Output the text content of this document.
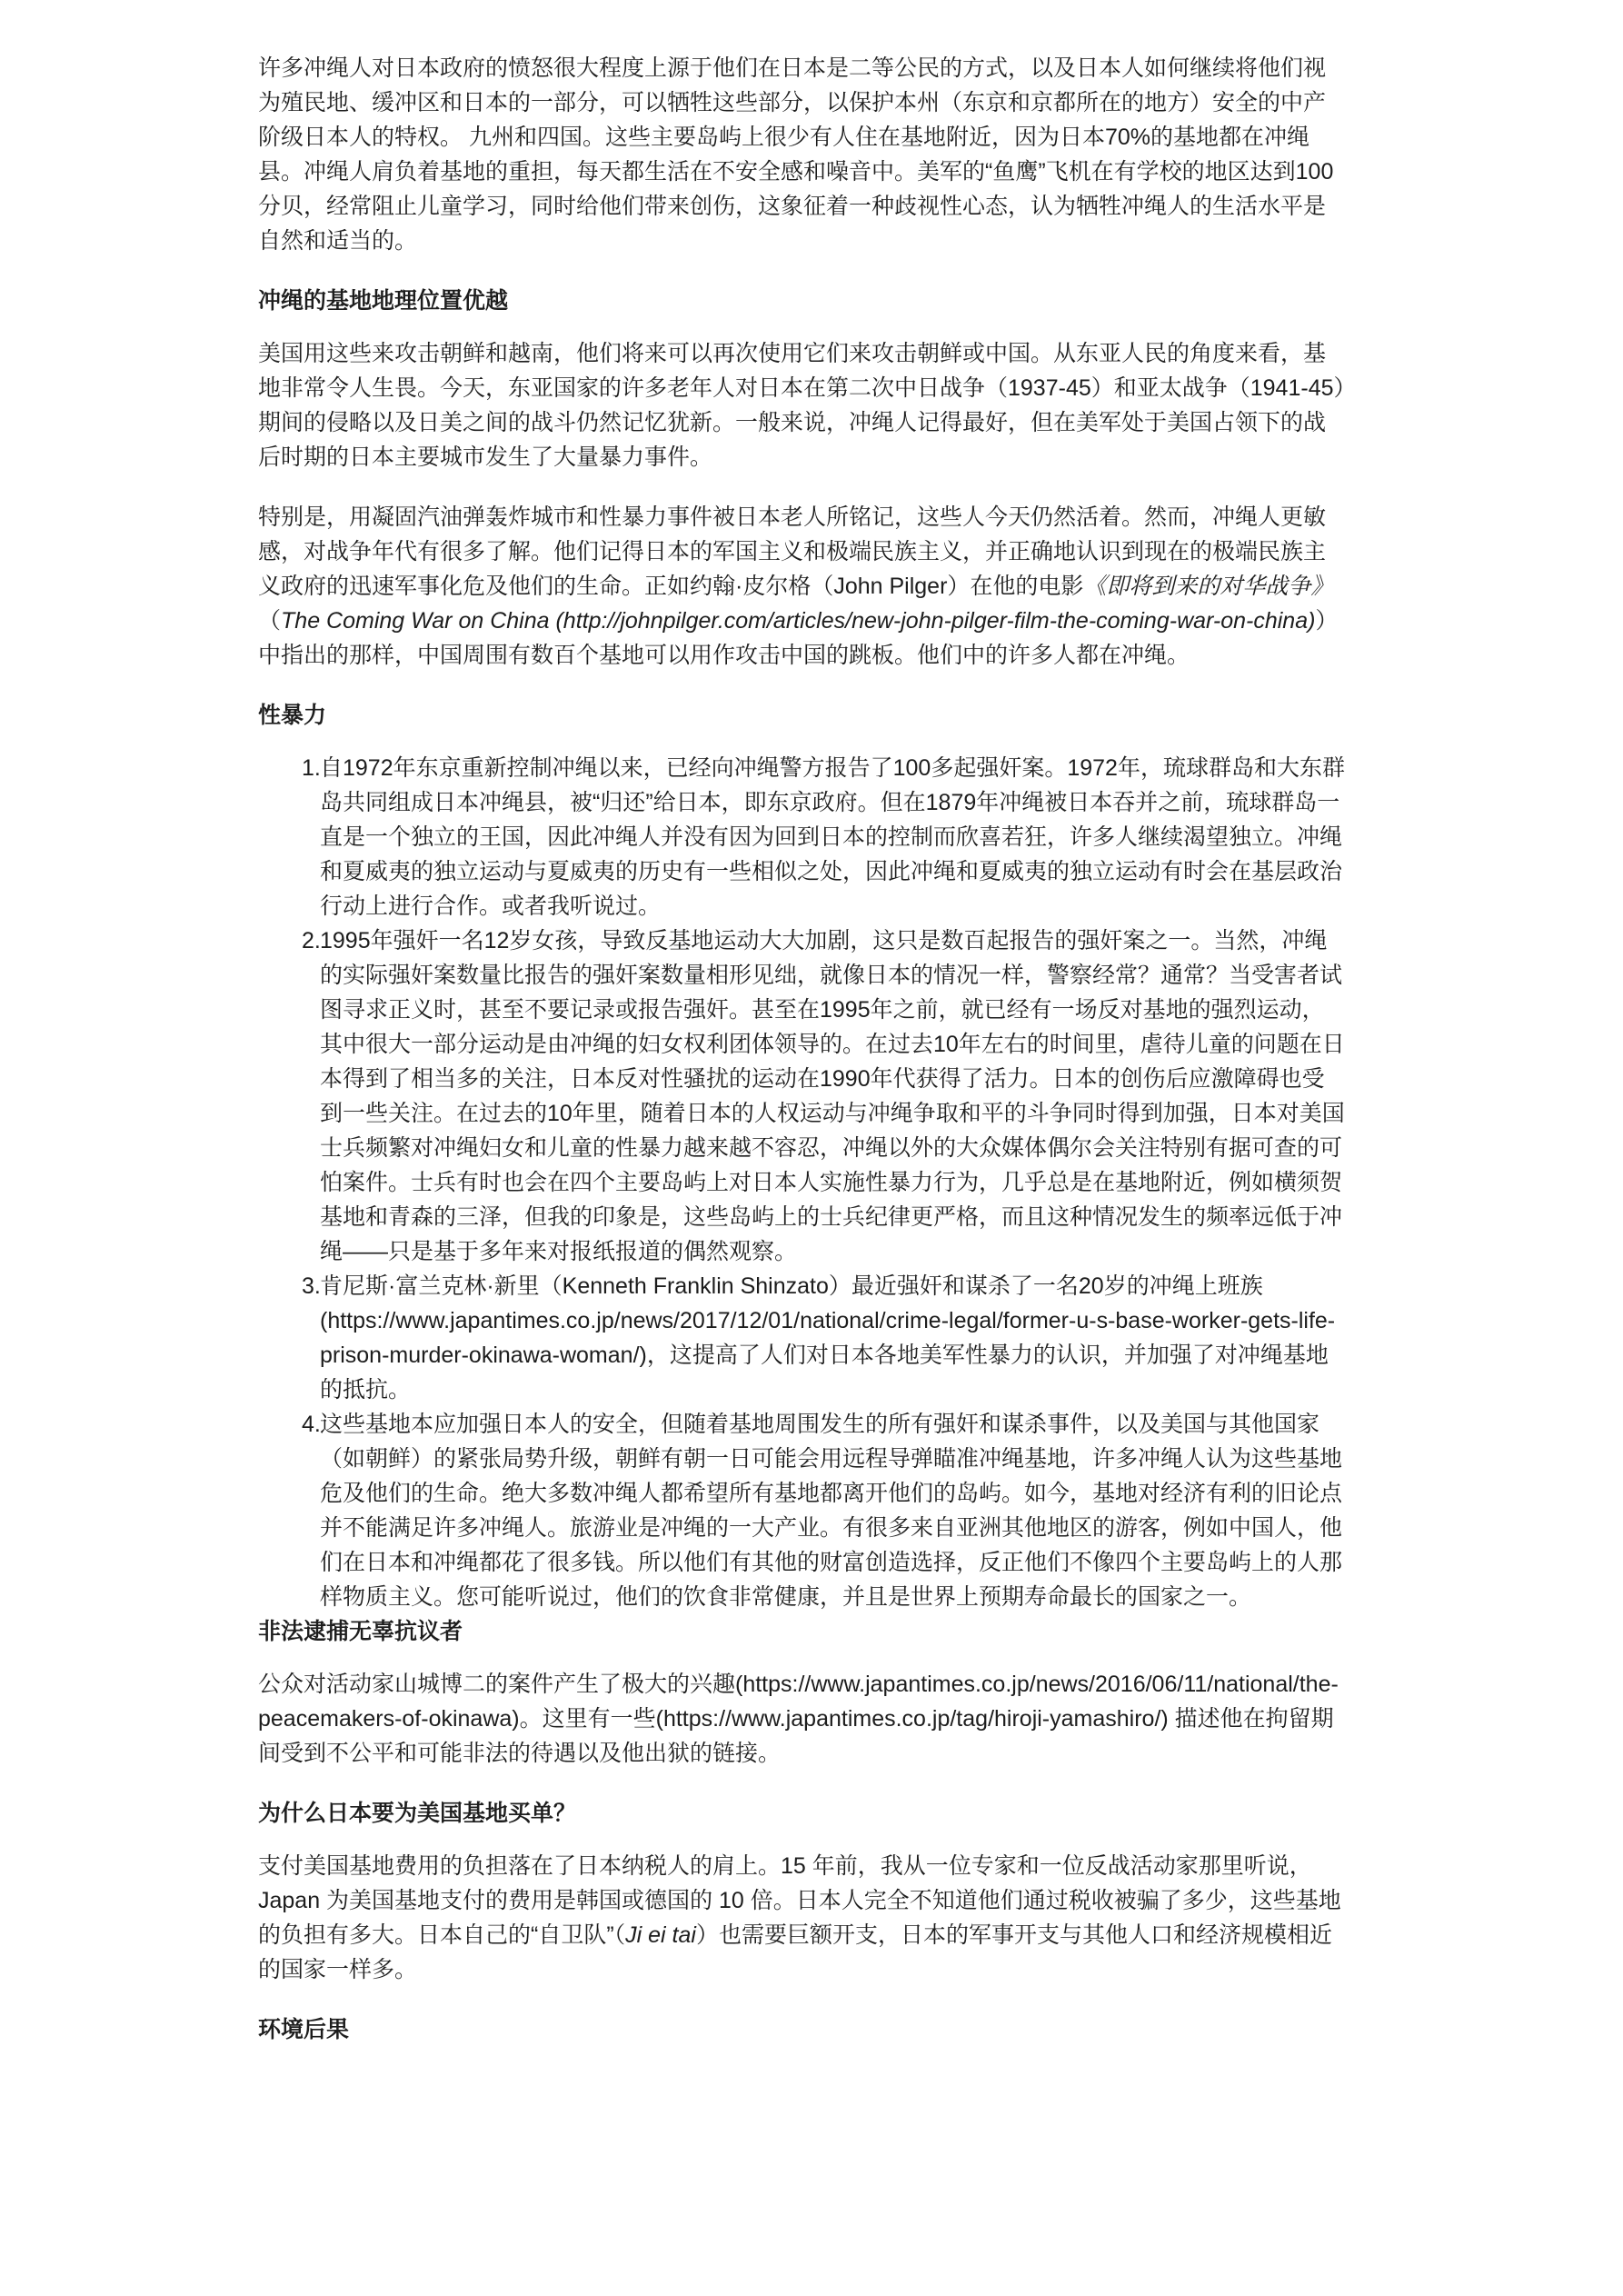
许多冲绳人对日本政府的愤怒很大程度上源于他们在日本是二等公民的方式，以及日本人如何继续将他们视为殖民地、缓冲区和日本的一部分，可以牺牲这些部分，以保护本州（东京和京都所在的地方）安全的中产阶级日本人的特权。 九州和四国。这些主要岛屿上很少有人住在基地附近，因为日本70%的基地都在冲绳县。冲绳人肩负着基地的重担，每天都生活在不安全感和噪音中。美军的“鱼鹰”飞机在有学校的地区达到100分贝，经常阻止儿童学习，同时给他们带来创伤，这象征着一种歧视性心态，认为牺牲冲绳人的生活水平是自然和适当的。

冲绳的基地地理位置优越

美国用这些来攻击朝鲜和越南，他们将来可以再次使用它们来攻击朝鲜或中国。从东亚人民的角度来看，基地非常令人生畏。今天，东亚国家的许多老年人对日本在第二次中日战争（1937-45）和亚太战争（1941-45）期间的侵略以及日美之间的战斗仍然记忆犹新。一般来说，冲绳人记得最好，但在美军处于美国占领下的战后时期的日本主要城市发生了大量暴力事件。

特别是，用凝固汽油弹轰炸城市和性暴力事件被日本老人所铭记，这些人今天仍然活着。然而，冲绳人更敏感，对战争年代有很多了解。他们记得日本的军国主义和极端民族主义，并正确地认识到现在的极端民族主义政府的迅速军事化危及他们的生命。正如约翰·皮尔格（John Pilger）在他的电影《即将到来的对华战争》（The Coming War on China (http://johnpilger.com/articles/new-john-pilger-film-the-coming-war-on-china)）中指出的那样，中国周围有数百个基地可以用作攻击中国的跳板。他们中的许多人都在冲绳。

性暴力
1. 自1972年东京重新控制冲绳以来，已经向冲绳警方报告了100多起强奸案。1972年，琉球群岛和大东群岛共同组成日本冲绳县，被“归还”给日本，即东京政府。但在1879年冲绳被日本吞并之前，琉球群岛一直是一个独立的王国，因此冲绳人并没有因为回到日本的控制而欣喜若狂，许多人继续渴望独立。冲绳和夏威夷的独立运动与夏威夷的历史有一些相似之处，因此冲绳和夏威夷的独立运动有时会在基层政治行动上进行合作。或者我听说过。
2. 1995年强奸一名12岁女孩，导致反基地运动大大加剧，这只是数百起报告的强奸案之一。当然，冲绳的实际强奸案数量比报告的强奸案数量相形见绌，就像日本的情况一样，警察经常？通常？当受害者试图寻求正义时，甚至不要记录或报告强奸。甚至在1995年之前，就已经有一场反对基地的强烈运动，其中很大一部分运动是由冲绳的妇女权利团体领导的。在过去10年左右的时间里，虐待儿童的问题在日本得到了相当多的关注，日本反对性骚扰的运动在1990年代获得了活力。日本的创伤后应激障碍也受到一些关注。在过去的10年里，随着日本的人权运动与冲绳争取和平的斗争同时得到加强，日本对美国士兵频繁对冲绳妇女和儿童的性暴力越来越不容忍，冲绳以外的大众媒体偶尔会关注特别有据可查的可怕案件。士兵有时也会在四个主要岛屿上对日本人实施性暴力行为，几乎总是在基地附近，例如横须贺基地和青森的三泽，但我的印象是，这些岛屿上的士兵纪律更严格，而且这种情况发生的频率远低于冲绳——只是基于多年来对报纸报道的偶然观察。
3. 肯尼斯·富兰克林·新里（Kenneth Franklin Shinzato）最近强奸和谋杀了一名20岁的冲绳上班族(https://www.japantimes.co.jp/news/2017/12/01/national/crime-legal/former-u-s-base-worker-gets-life-prison-murder-okinawa-woman/)，这提高了人们对日本各地美军性暴力的认识，并加强了对冲绳基地的抵抗。
4. 这些基地本应加强日本人的安全，但随着基地周围发生的所有强奸和谋杀事件，以及美国与其他国家（如朝鲜）的紧张局势升级，朝鲜有朝一日可能会用远程导弹瞄准冲绳基地，许多冲绳人认为这些基地危及他们的生命。绝大多数冲绳人都希望所有基地都离开他们的岛屿。如今，基地对经济有利的旧论点并不能满足许多冲绳人。旅游业是冲绳的一大产业。有很多来自亚洲其他地区的游客，例如中国人，他们在日本和冲绳都花了很多钱。所以他们有其他的财富创造选择，反正他们不像四个主要岛屿上的人那样物质主义。您可能听说过，他们的饮食非常健康，并且是世界上预期寿命最长的国家之一。
非法逮捕无辜抗议者

公众对活动家山城博二的案件产生了极大的兴趣(https://www.japantimes.co.jp/news/2016/06/11/national/the-peacemakers-of-okinawa)。这里有一些(https://www.japantimes.co.jp/tag/hiroji-yamashiro/) 描述他在拘留期间受到不公平和可能非法的待遇以及他出狱的链接。

为什么日本要为美国基地买单？

支付美国基地费用的负担落在了日本纳税人的肩上。15 年前，我从一位专家和一位反战活动家那里听说，Japan 为美国基地支付的费用是韩国或德国的 10 倍。日本人完全不知道他们通过税收被骗了多少，这些基地的负担有多大。日本自己的“自卫队”（Ji ei tai）也需要巨额开支，日本的军事开支与其他人口和经济规模相近的国家一样多。

环境后果
